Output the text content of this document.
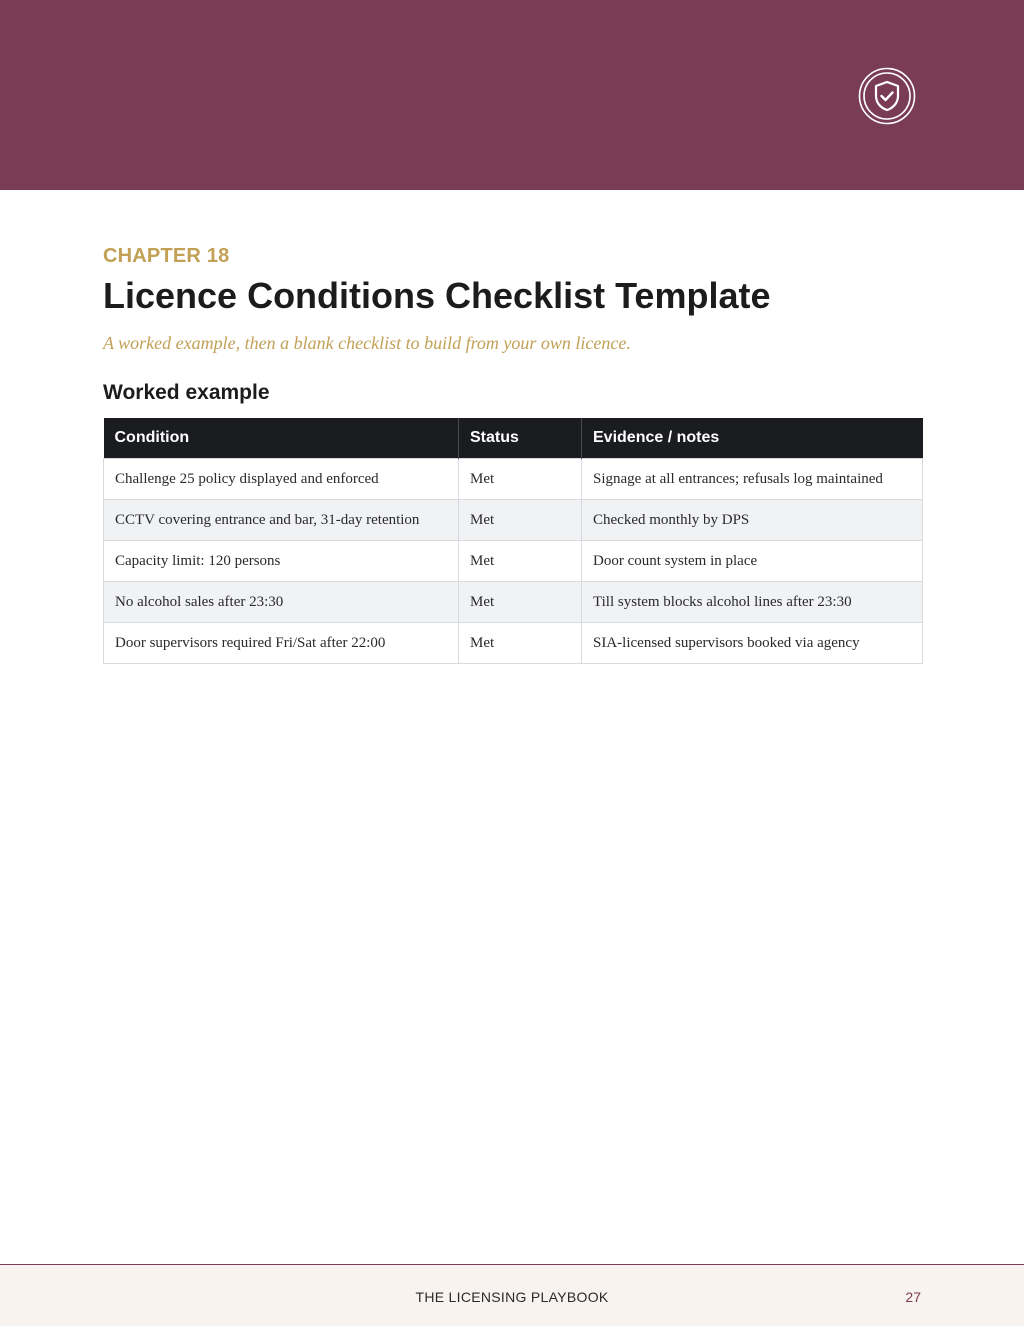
CHAPTER 18
Licence Conditions Checklist Template

A worked example, then a blank checklist to build from your own licence.

Worked example
Condition	Status	Evidence / notes
Challenge 25 policy displayed and enforced	Met	Signage at all entrances; refusals log maintained
CCTV covering entrance and bar, 31-day retention	Met	Checked monthly by DPS
Capacity limit: 120 persons	Met	Door count system in place
No alcohol sales after 23:30	Met	Till system blocks alcohol lines after 23:30
Door supervisors required Fri/Sat after 22:00	Met	SIA-licensed supervisors booked via agency
THE LICENSING PLAYBOOK	27
